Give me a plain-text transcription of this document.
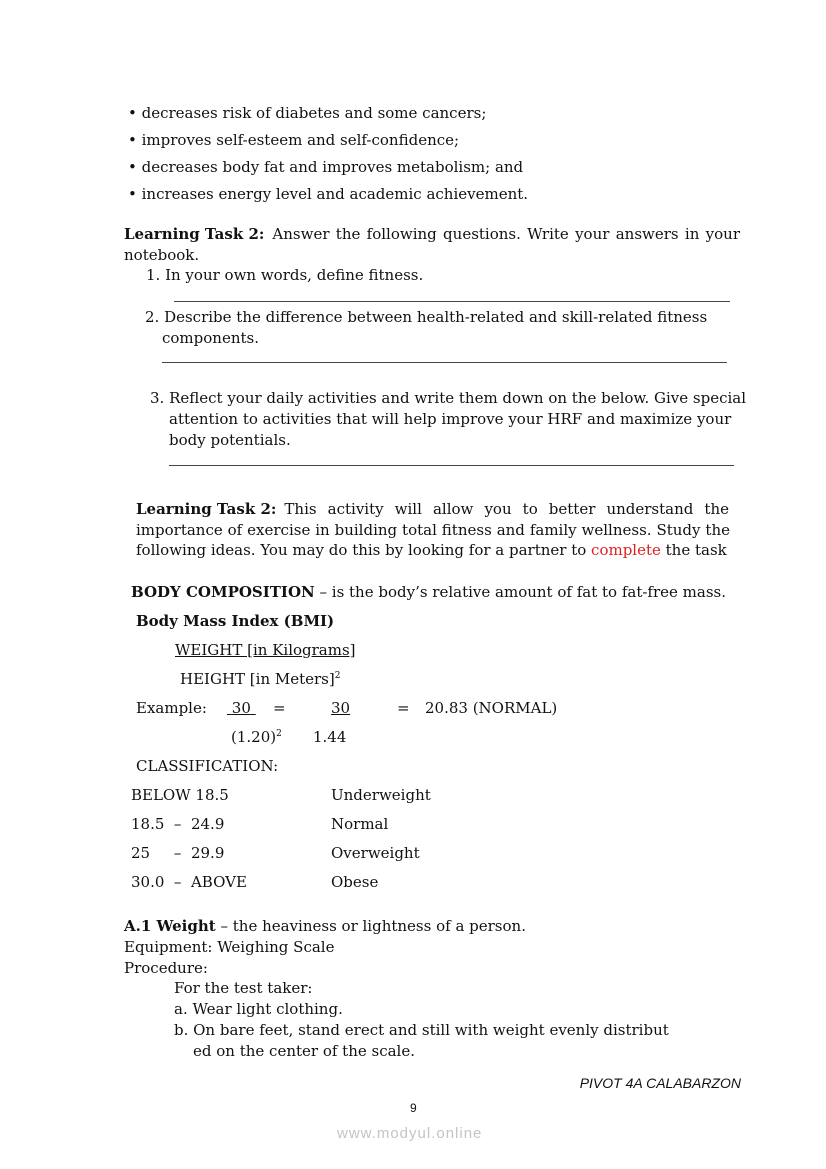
• decreases risk of diabetes and some cancers;
• improves self-esteem and self-confidence;
• decreases body fat and improves metabolism; and
• increases energy level and academic achievement.
Learning Task 2: Answer the following questions. Write your answers in your
notebook.
1. In your own words, define fitness.
2. Describe the difference between health-related and skill-related fitness
components.
3. Reflect your daily activities and write them down on the below. Give special
attention to activities that will help improve your HRF and maximize your
body potentials.
Learning Task 2: This activity will allow you to better understand the
importance of exercise in building total fitness and family wellness. Study the
following ideas. You may do this by looking for a partner to complete the task
BODY COMPOSITION – is the body’s relative amount of fat to fat-free mass.
Body Mass Index (BMI)
WEIGHT [in Kilograms]
HEIGHT [in Meters]$^2$
Example:	30	=	30	= 20.83 (NORMAL)
$(1.20)^2$ 1.44
CLASSIFICATION:
BELOW 18.5	Underweight
18.5  –  24.9	Normal
25     –  29.9	Overweight
30.0  –  ABOVE	Obese
A.1 Weight – the heaviness or lightness of a person.
Equipment: Weighing Scale
Procedure:
For the test taker:
a. Wear light clothing.
b. On bare feet, stand erect and still with weight evenly distribut
ed on the center of the scale.
PIVOT 4A CALABARZON
9
www.modyul.online
